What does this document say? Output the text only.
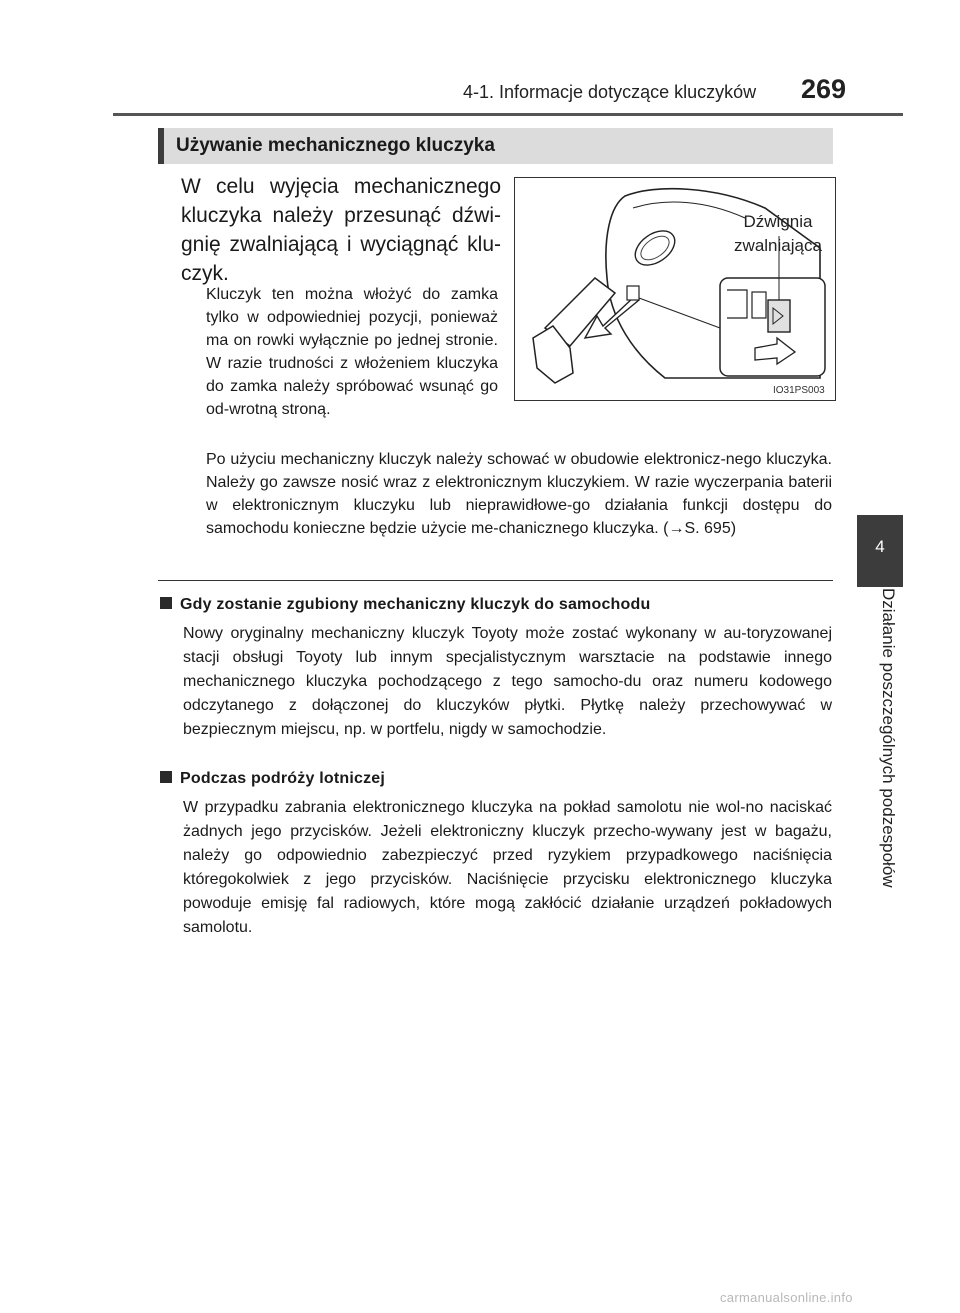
4-1. Informacje dotyczące kluczyków 269
4
Działanie poszczególnych podzespołów
Używanie mechanicznego kluczyka
W celu wyjęcia mechanicznego kluczyka należy przesunąć dźwi-gnię zwalniającą i wyciągnąć klu-czyk.
Kluczyk ten można włożyć do zamka tylko w odpowiedniej pozycji, ponieważ ma on rowki wyłącznie po jednej stronie. W razie trudności z włożeniem kluczyka do zamka należy spróbować wsunąć go od-wrotną stroną.
Dźwignia
zwalniająca
IO31PS003
Po użyciu mechaniczny kluczyk należy schować w obudowie elektronicz-nego kluczyka. Należy go zawsze nosić wraz z elektronicznym kluczykiem. W razie wyczerpania baterii w elektronicznym kluczyku lub nieprawidłowe-go działania funkcji dostępu do samochodu konieczne będzie użycie me-chanicznego kluczyka. (→S. 695)
Gdy zostanie zgubiony mechaniczny kluczyk do samochodu
Nowy oryginalny mechaniczny kluczyk Toyoty może zostać wykonany w au-toryzowanej stacji obsługi Toyoty lub innym specjalistycznym warsztacie na podstawie innego mechanicznego kluczyka pochodzącego z tego samocho-du oraz numeru kodowego odczytanego z dołączonej do kluczyków płytki. Płytkę należy przechowywać w bezpiecznym miejscu, np. w portfelu, nigdy w samochodzie.
Podczas podróży lotniczej
W przypadku zabrania elektronicznego kluczyka na pokład samolotu nie wol-no naciskać żadnych jego przycisków. Jeżeli elektroniczny kluczyk przecho-wywany jest w bagażu, należy go odpowiednio zabezpieczyć przed ryzykiem przypadkowego naciśnięcia któregokolwiek z jego przycisków. Naciśnięcie przycisku elektronicznego kluczyka powoduje emisję fal radiowych, które mogą zakłócić działanie urządzeń pokładowych samolotu.
carmanualsonline.info
